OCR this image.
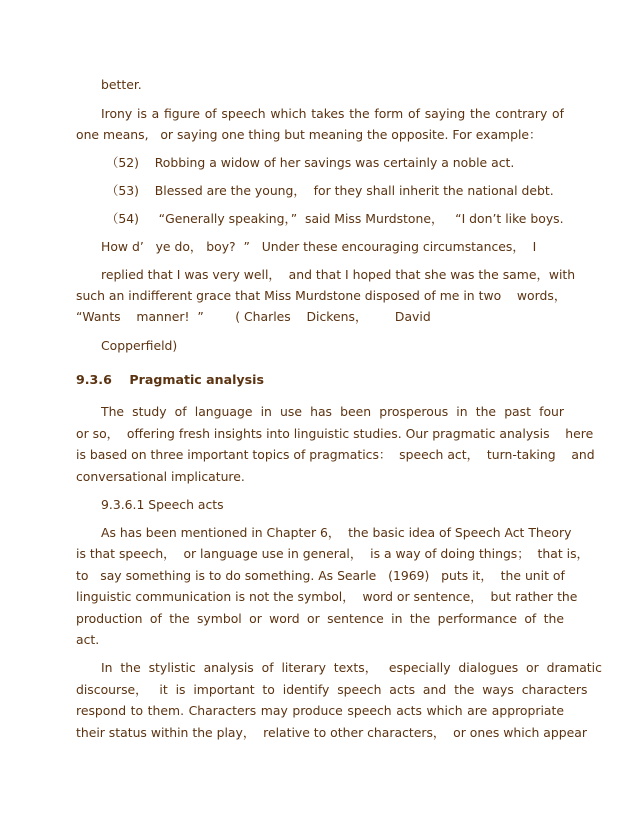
better.
Irony is a figure of speech which takes the form of saying the contrary of
one means,   or saying one thing but meaning the opposite. For example：
（52)    Robbing a widow of her savings was certainly a noble act.
（53)    Blessed are the young，  for they shall inherit the national debt.
（54)     “Generally speaking，”  said Miss Murdstone，   “I don’t like boys.
How d’   ye do， boy?  ”   Under these encouraging circumstances，  I
replied that I was very well，  and that I hoped that she was the same，with
such an indifferent grace that Miss Murdstone disposed of me in two    words，
“Wants    manner!  ”        ( Charles    Dickens，       David
Copperfield)
9.3.6    Pragmatic analysis
The study of language in use has been prosperous in the past four
or so，  offering fresh insights into linguistic studies. Our pragmatic analysis    here
is based on three important topics of pragmatics：  speech act，  turn-taking    and
conversational implicature.
9.3.6.1 Speech acts
As has been mentioned in Chapter 6，  the basic idea of Speech Act Theory
is that speech，  or language use in general，  is a way of doing things；  that is，
to   say something is to do something. As Searle   (1969)   puts it，  the unit of
linguistic communication is not the symbol，  word or sentence，  but rather the
production of the symbol or word or sentence in the performance of the
act.
In  the  stylistic  analysis  of  literary  texts，   especially  dialogues  or  dramatic
discourse，   it  is  important  to  identify  speech  acts  and  the  ways  characters
respond to them. Characters may produce speech acts which are appropriate
their status within the play，  relative to other characters，  or ones which appear
